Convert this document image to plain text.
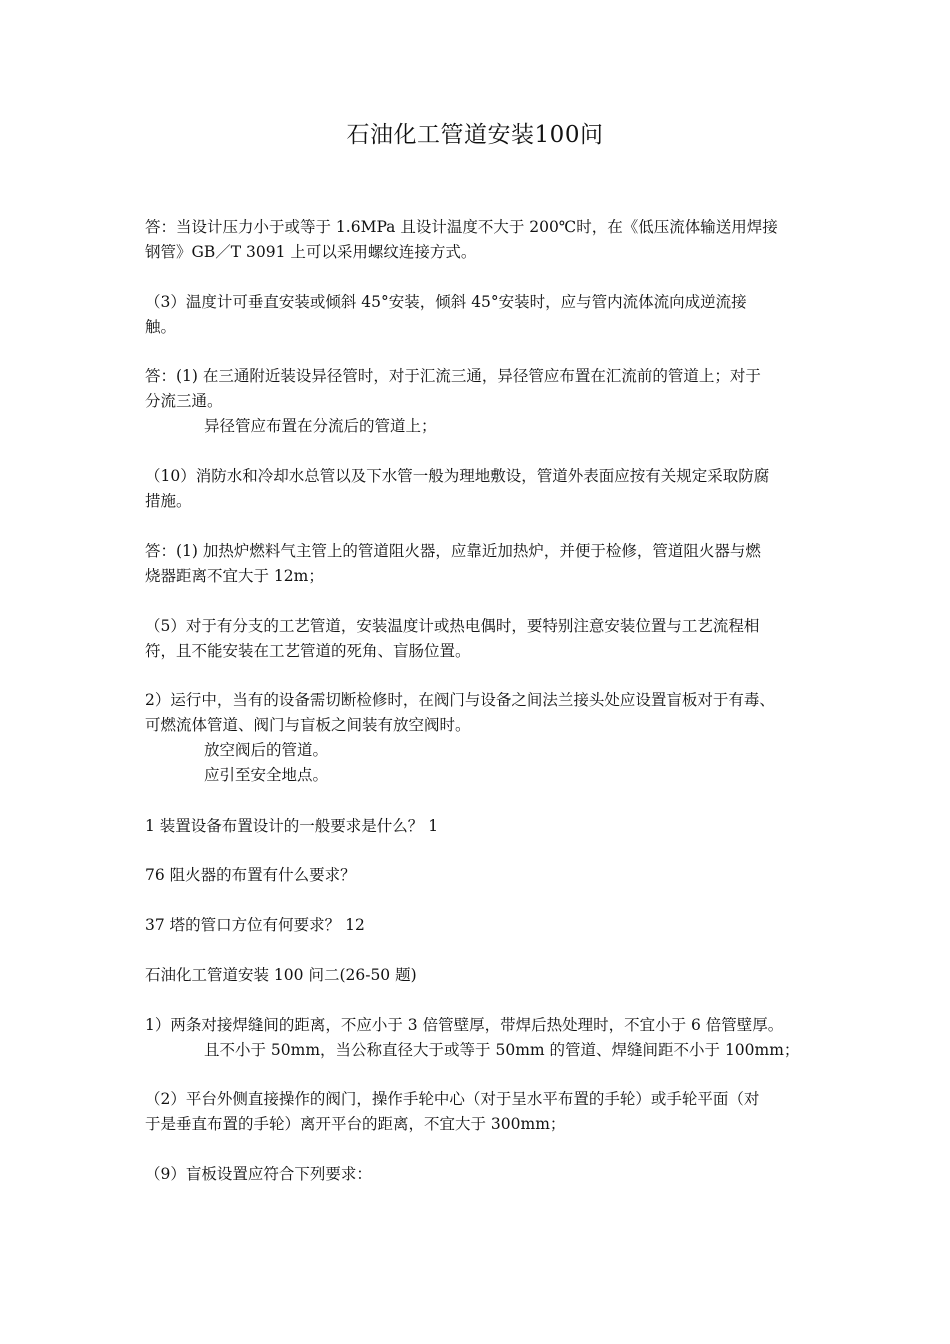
石油化工管道安装100问

答：当设计压力小于或等于 1.6MPa 且设计温度不大于 200℃时，在《低压流体输送用焊接
钢管》GB／T 3091 上可以采用螺纹连接方式。

（3）温度计可垂直安装或倾斜 45°安装，倾斜 45°安装时，应与管内流体流向成逆流接
触。

答：(1) 在三通附近装设异径管时，对于汇流三通，异径管应布置在汇流前的管道上；对于
分流三通。
异径管应布置在分流后的管道上；

（10）消防水和冷却水总管以及下水管一般为理地敷设，管道外表面应按有关规定采取防腐
措施。

答：(1) 加热炉燃料气主管上的管道阻火器，应靠近加热炉，并便于检修，管道阻火器与燃
烧器距离不宜大于 12m；

（5）对于有分支的工艺管道，安装温度计或热电偶时，要特别注意安装位置与工艺流程相
符，且不能安装在工艺管道的死角、盲肠位置。

2）运行中，当有的设备需切断检修时，在阀门与设备之间法兰接头处应设置盲板对于有毒、
可燃流体管道、阀门与盲板之间装有放空阀时。
放空阀后的管道。
应引至安全地点。

1 装置设备布置设计的一般要求是什么？ 1

76 阻火器的布置有什么要求？

37 塔的管口方位有何要求？ 12

石油化工管道安装 100 问二(26-50 题)

1）两条对接焊缝间的距离，不应小于 3 倍管壁厚，带焊后热处理时，不宜小于 6 倍管壁厚。
且不小于 50mm，当公称直径大于或等于 50mm 的管道、焊缝间距不小于 100mm；

（2）平台外侧直接操作的阀门，操作手轮中心（对于呈水平布置的手轮）或手轮平面（对
于是垂直布置的手轮）离开平台的距离，不宜大于 300mm；

（9）盲板设置应符合下列要求：
